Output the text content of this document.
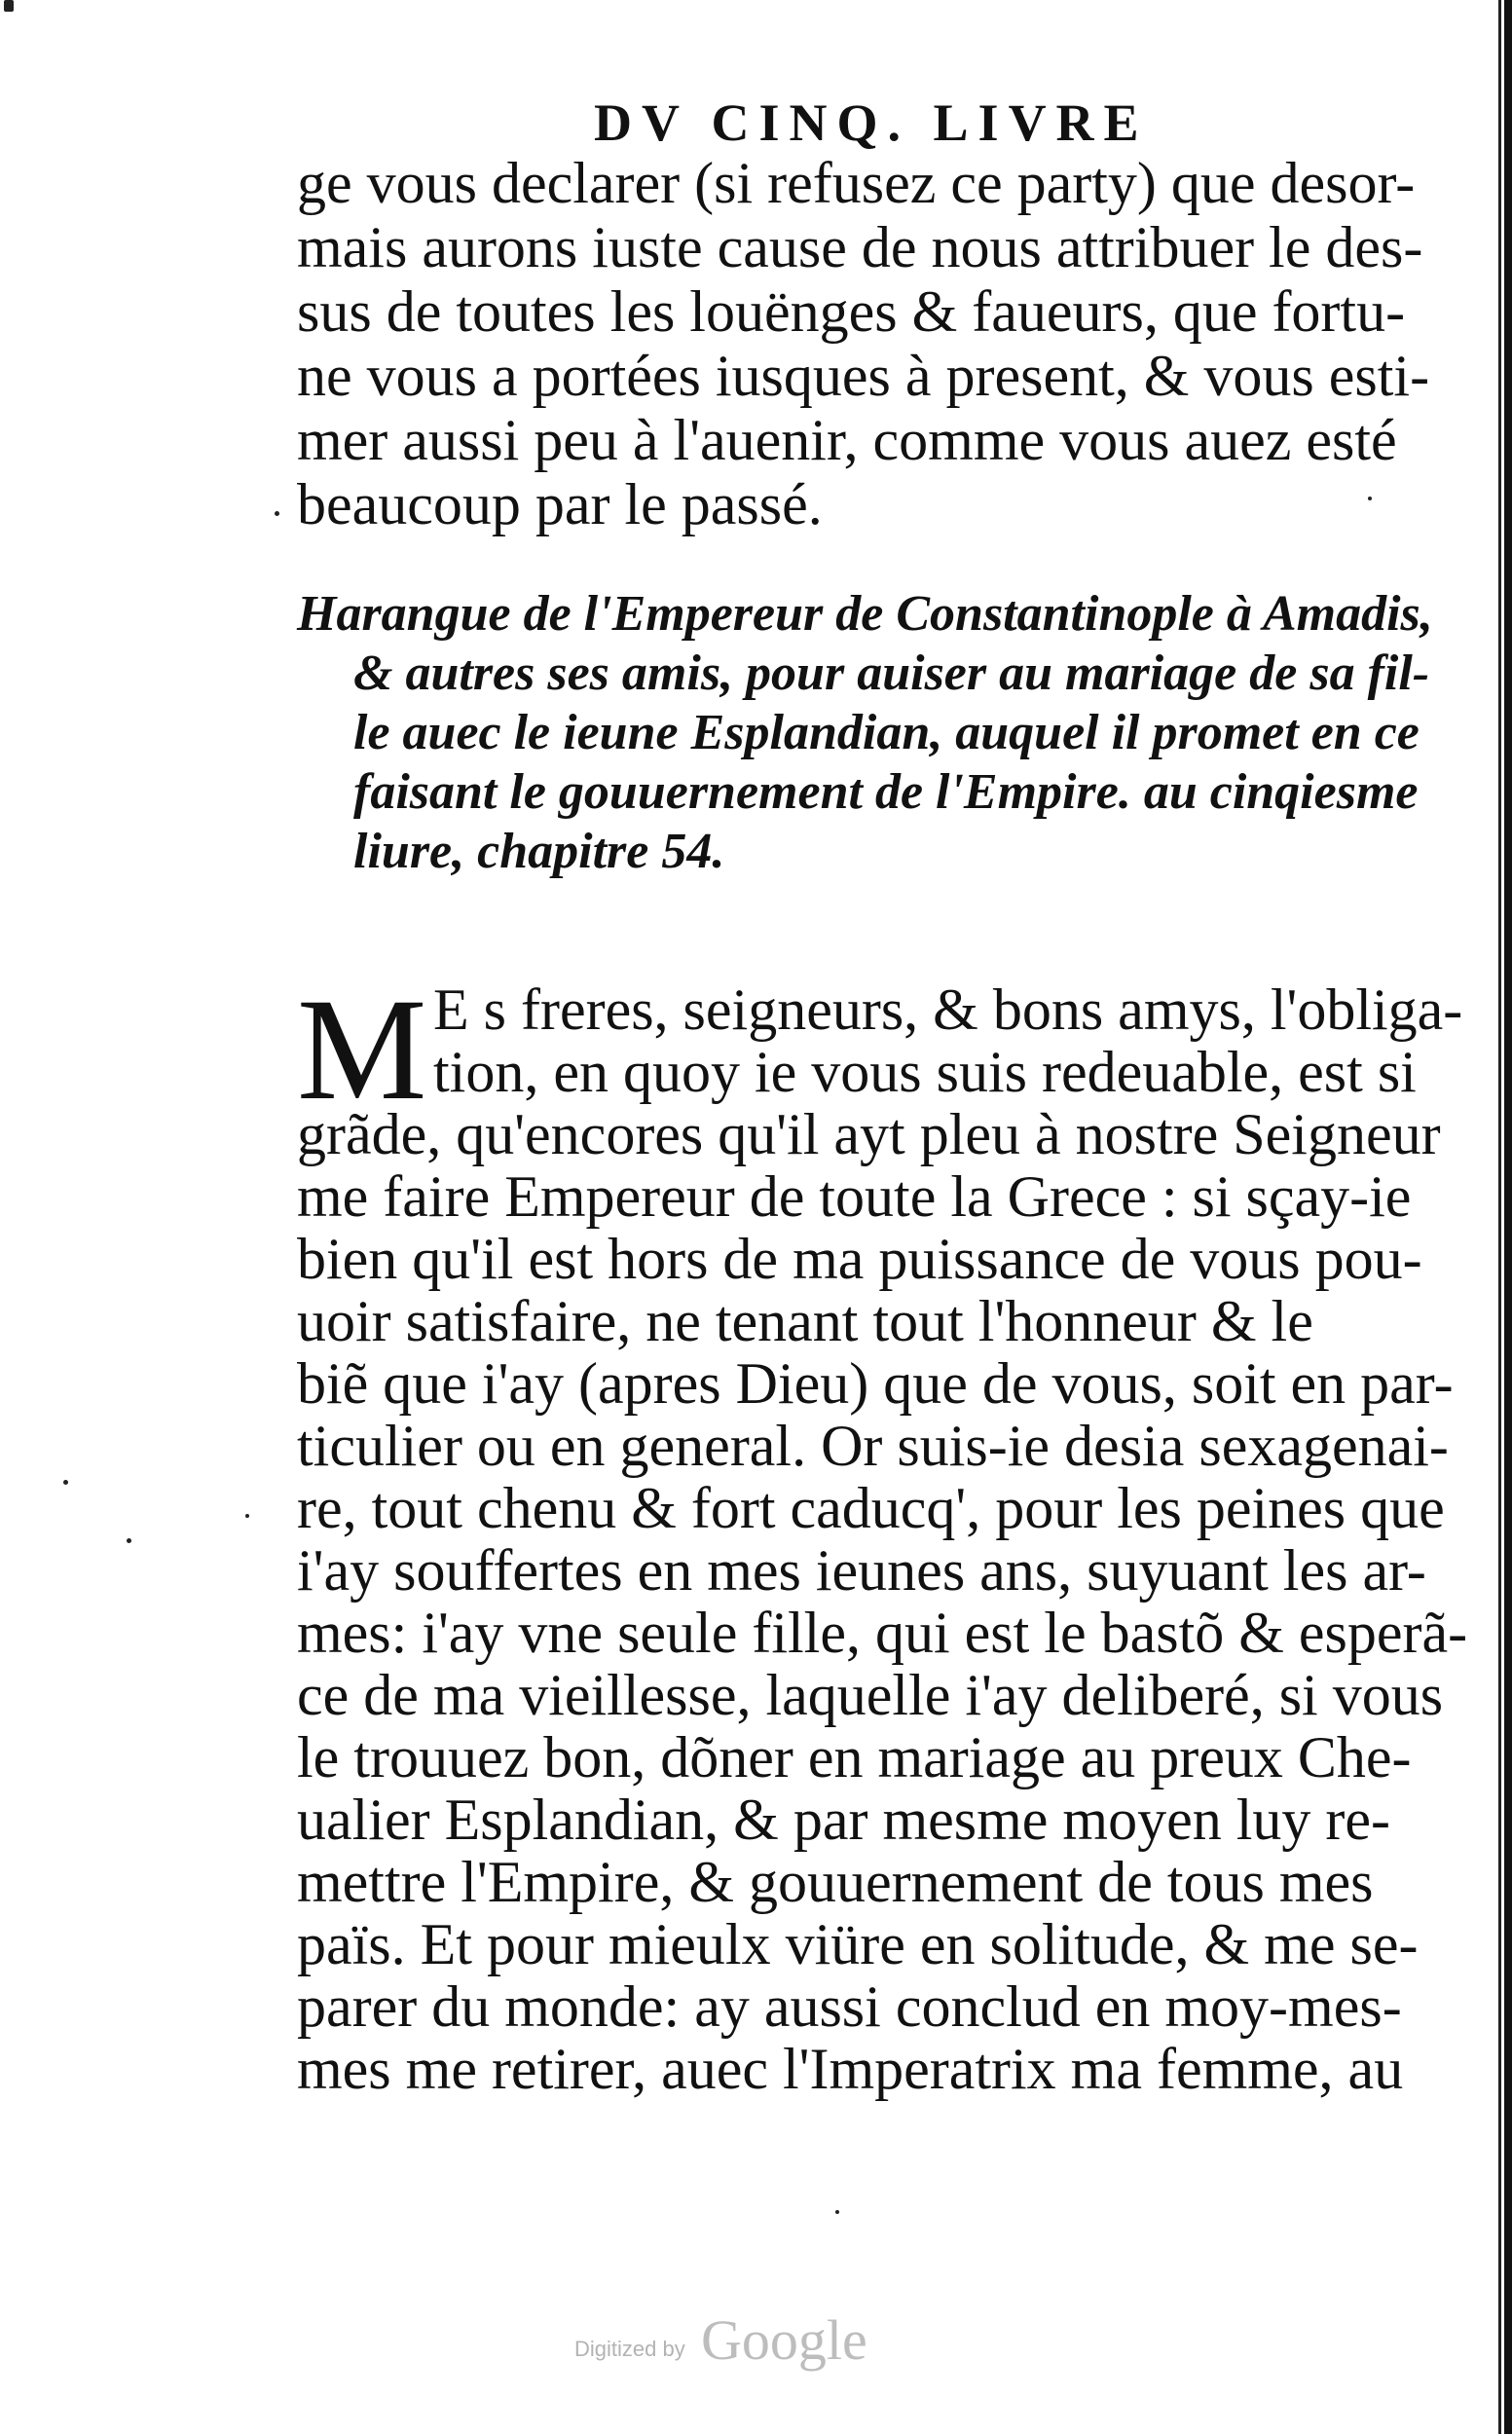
DV CINQ. LIVRE
ge vous declarer (si refusez ce party) que desor-
mais aurons iuste cause de nous attribuer le des-
sus de toutes les louënges & faueurs, que fortu-
ne vous a portées iusques à present, & vous esti-
mer aussi peu à l'auenir, comme vous auez esté
beaucoup par le passé.
Harangue de l'Empereur de Constantinople à Amadis,
& autres ses amis, pour auiser au mariage de sa fil-
le auec le ieune Esplandian, auquel il promet en ce
faisant le gouuernement de l'Empire. au cinqiesme
liure, chapitre 54.
M E s freres, seigneurs, & bons amys, l'obliga-
tion, en quoy ie vous suis redeuable, est si
grãde, qu'encores qu'il ayt pleu à nostre Seigneur
me faire Empereur de toute la Grece : si sçay-ie
bien qu'il est hors de ma puissance de vous pou-
uoir satisfaire, ne tenant tout l'honneur & le
biẽ que i'ay (apres Dieu) que de vous, soit en par-
ticulier ou en general. Or suis-ie desia sexagenai-
re, tout chenu & fort caducq', pour les peines que
i'ay souffertes en mes ieunes ans, suyuant les ar-
mes: i'ay vne seule fille, qui est le bastõ & esperã-
ce de ma vieillesse, laquelle i'ay deliberé, si vous
le trouuez bon, dõner en mariage au preux Che-
ualier Esplandian, & par mesme moyen luy re-
mettre l'Empire, & gouuernement de tous mes
païs. Et pour mieulx viüre en solitude, & me se-
parer du monde: ay aussi conclud en moy-mes-
mes me retirer, auec l'Imperatrix ma femme, au
Digitized by Google
